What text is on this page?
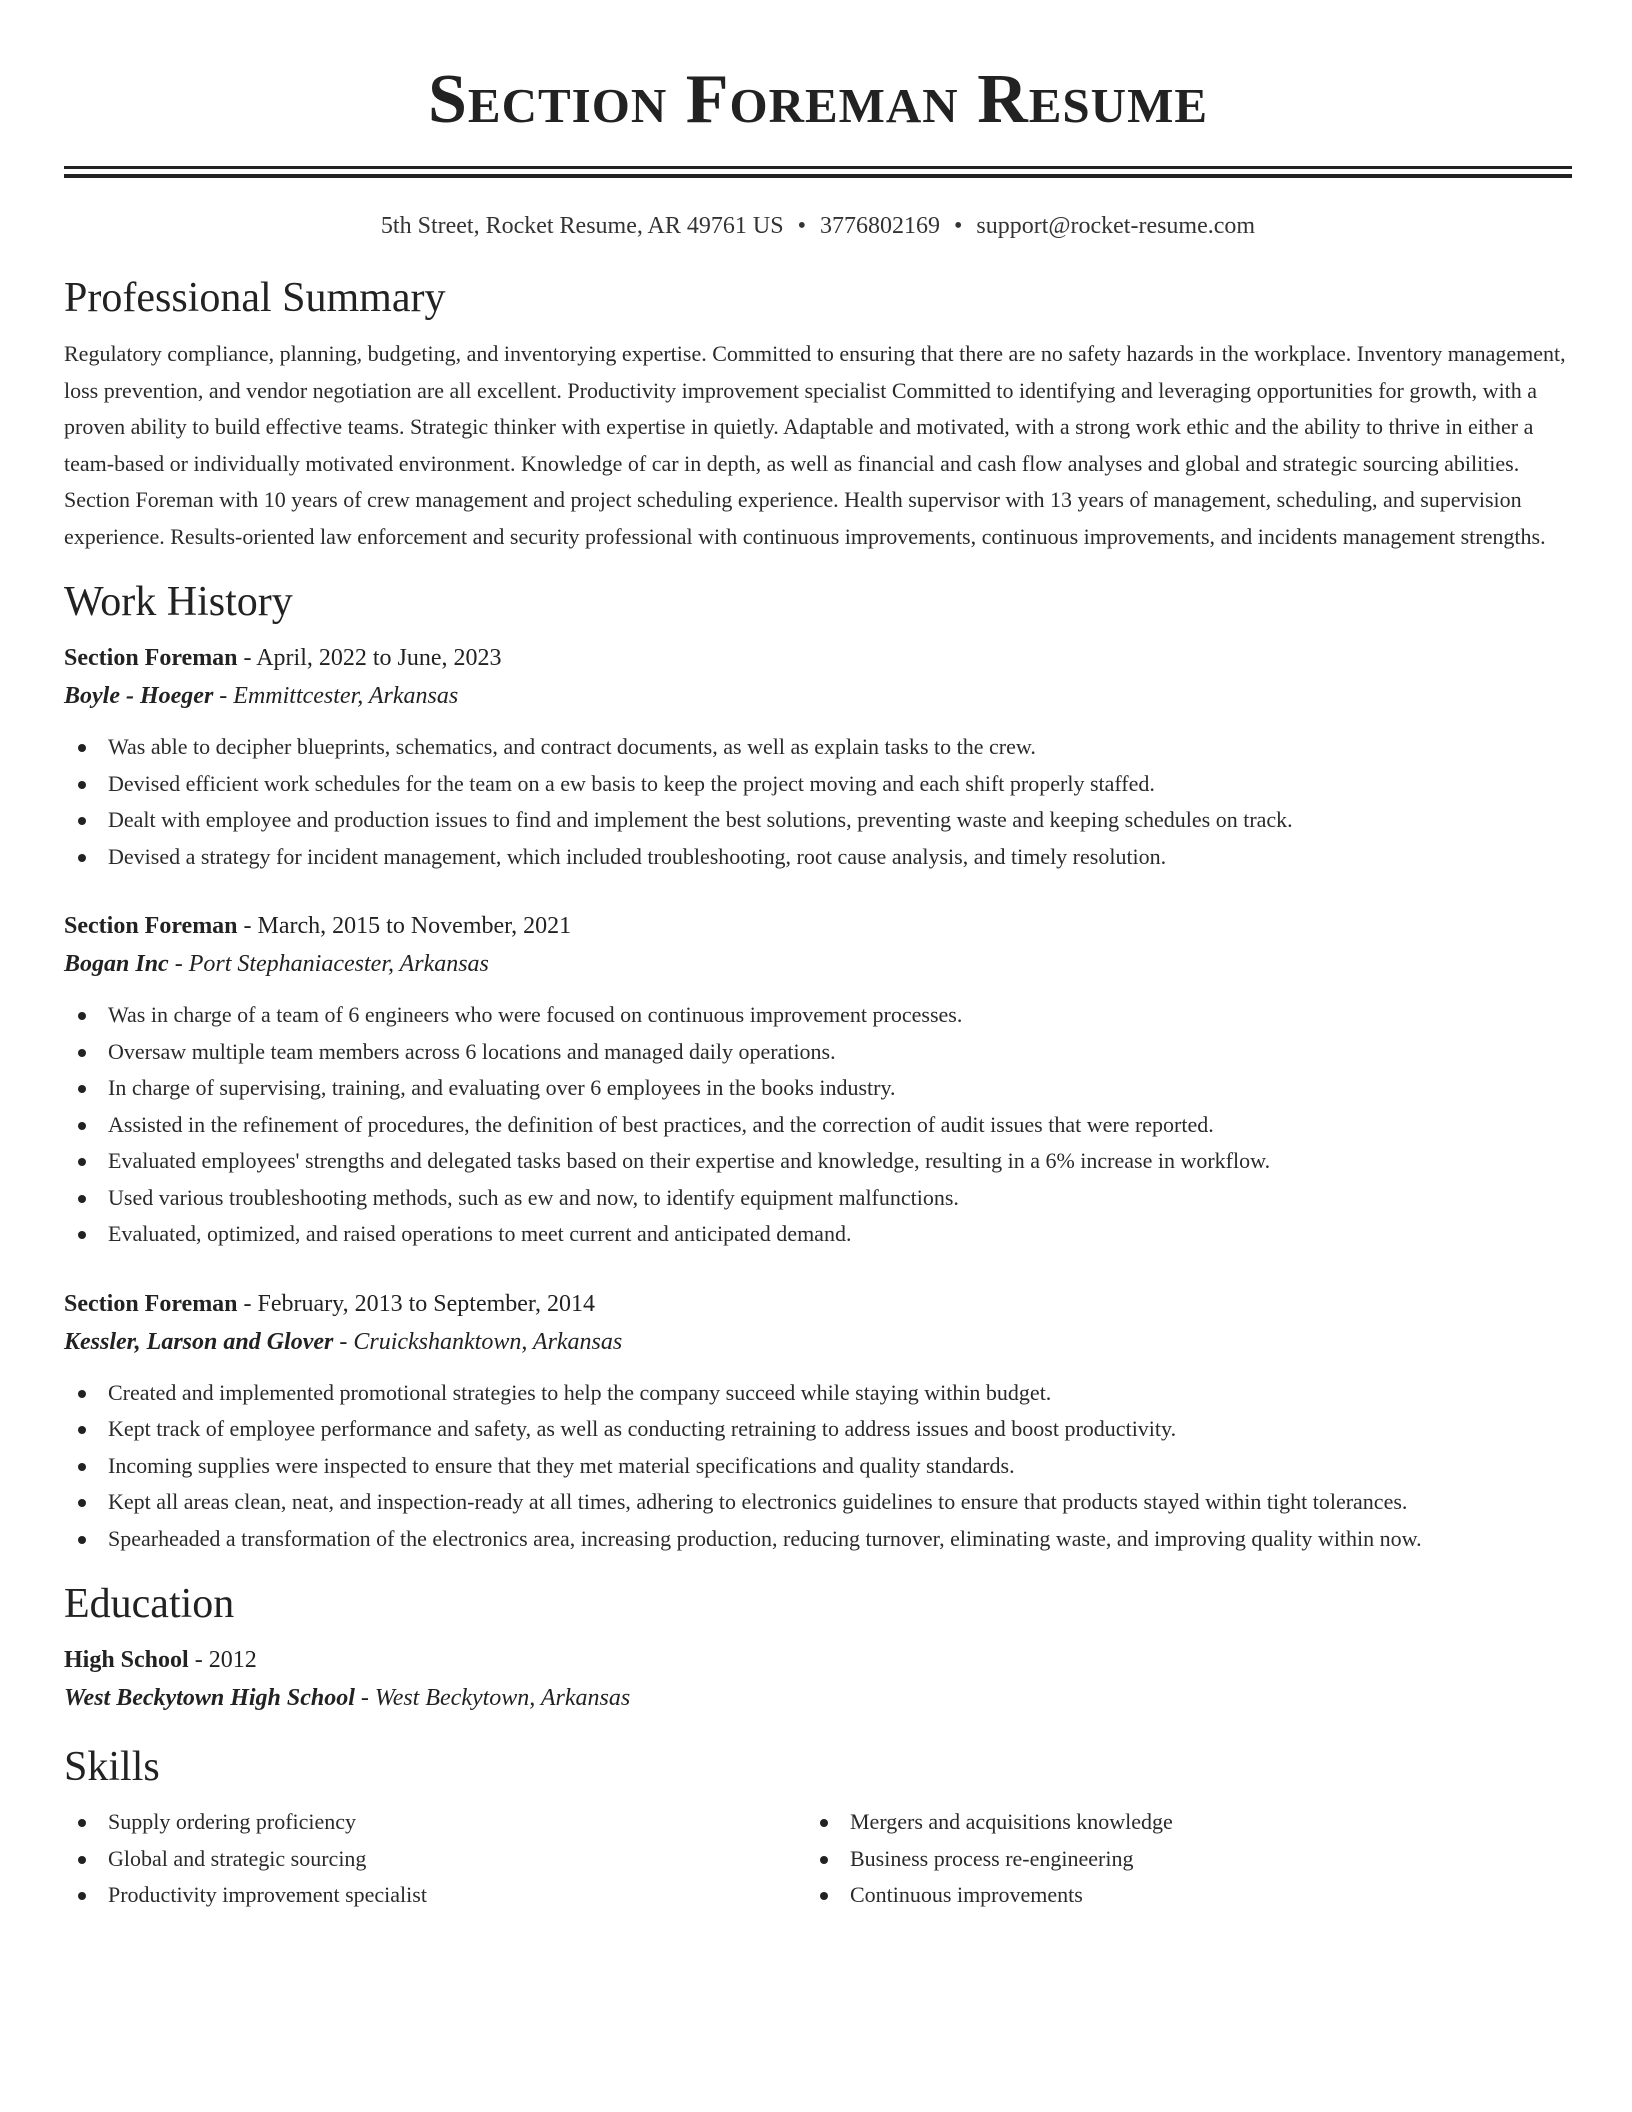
Section Foreman Resume
5th Street, Rocket Resume, AR 49761 US • 3776802169 • support@rocket-resume.com
Professional Summary

Regulatory compliance, planning, budgeting, and inventorying expertise. Committed to ensuring that there are no safety hazards in the workplace. Inventory management, loss prevention, and vendor negotiation are all excellent. Productivity improvement specialist Committed to identifying and leveraging opportunities for growth, with a proven ability to build effective teams. Strategic thinker with expertise in quietly. Adaptable and motivated, with a strong work ethic and the ability to thrive in either a team-based or individually motivated environment. Knowledge of car in depth, as well as financial and cash flow analyses and global and strategic sourcing abilities. Section Foreman with 10 years of crew management and project scheduling experience. Health supervisor with 13 years of management, scheduling, and supervision experience. Results-oriented law enforcement and security professional with continuous improvements, continuous improvements, and incidents management strengths.

Work History
Section Foreman - April, 2022 to June, 2023
Boyle - Hoeger - Emmittcester, Arkansas
Was able to decipher blueprints, schematics, and contract documents, as well as explain tasks to the crew.
Devised efficient work schedules for the team on a ew basis to keep the project moving and each shift properly staffed.
Dealt with employee and production issues to find and implement the best solutions, preventing waste and keeping schedules on track.
Devised a strategy for incident management, which included troubleshooting, root cause analysis, and timely resolution.
Section Foreman - March, 2015 to November, 2021
Bogan Inc - Port Stephaniacester, Arkansas
Was in charge of a team of 6 engineers who were focused on continuous improvement processes.
Oversaw multiple team members across 6 locations and managed daily operations.
In charge of supervising, training, and evaluating over 6 employees in the books industry.
Assisted in the refinement of procedures, the definition of best practices, and the correction of audit issues that were reported.
Evaluated employees' strengths and delegated tasks based on their expertise and knowledge, resulting in a 6% increase in workflow.
Used various troubleshooting methods, such as ew and now, to identify equipment malfunctions.
Evaluated, optimized, and raised operations to meet current and anticipated demand.
Section Foreman - February, 2013 to September, 2014
Kessler, Larson and Glover - Cruickshanktown, Arkansas
Created and implemented promotional strategies to help the company succeed while staying within budget.
Kept track of employee performance and safety, as well as conducting retraining to address issues and boost productivity.
Incoming supplies were inspected to ensure that they met material specifications and quality standards.
Kept all areas clean, neat, and inspection-ready at all times, adhering to electronics guidelines to ensure that products stayed within tight tolerances.
Spearheaded a transformation of the electronics area, increasing production, reducing turnover, eliminating waste, and improving quality within now.
Education
High School - 2012
West Beckytown High School - West Beckytown, Arkansas
Skills
Supply ordering proficiency
Global and strategic sourcing
Productivity improvement specialist
Mergers and acquisitions knowledge
Business process re-engineering
Continuous improvements
